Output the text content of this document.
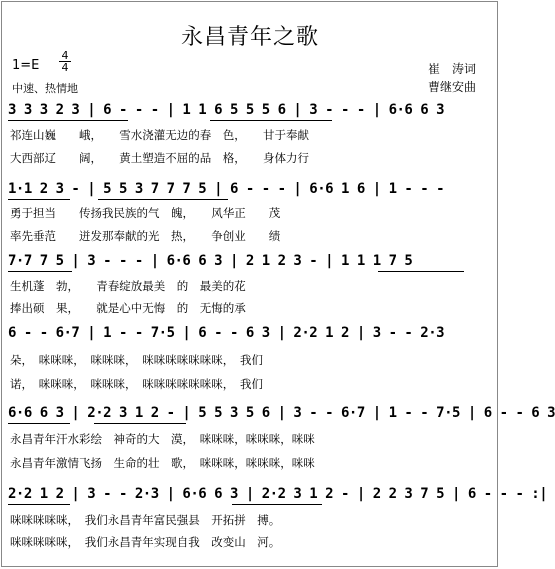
永昌青年之歌
1=E
4
4
中速、热情地
崔　涛词
曹继安曲
3 3 3 2 3 | 6 - - - | 1 1 6 5 5 5 6 | 3 - - - | 6·6 6 3
祁连山巍　　峨，　　雪水浇灌无边的春　色，　　甘于奉献
大西部辽　　阔，　　黄土塑造不屈的品　格，　　身体力行
1·1 2 3 - | 5 5 3 7 7 7 5 | 6 - - - | 6·6 1 6 | 1 - - -
勇于担当　　传扬我民族的气　魄，　　风华正　　茂
率先垂范　　迸发那奉献的光　热，　　争创业　　绩
7·7 7 5 | 3 - - - | 6·6 6 3 | 2 1 2 3 - | 1 1 1 7 5
生机蓬　勃，　　青春绽放最美　的　最美的花
捧出硕　果，　　就是心中无悔　的　无悔的承
6 - - 6·7 | 1 - - 7·5 | 6 - - 6 3 | 2·2 1 2 | 3 - - 2·3
朵，　咪咪咪，　咪咪咪，　咪咪咪咪咪咪咪，　我们
诺，　咪咪咪，　咪咪咪，　咪咪咪咪咪咪咪，　我们
6·6 6 3 | 2·2 3 1 2 - | 5 5 3 5 6 | 3 - - 6·7 | 1 - - 7·5 | 6 - - 6 3
永昌青年汗水彩绘　神奇的大　漠，　咪咪咪，咪咪咪，咪咪
永昌青年激情飞扬　生命的壮　歌，　咪咪咪，咪咪咪，咪咪
2·2 1 2 | 3 - - 2·3 | 6·6 6 3 | 2·2 3 1 2 - | 2 2 3 7 5 | 6 - - - :|
咪咪咪咪咪，　我们永昌青年富民强县　开拓拼　搏。
咪咪咪咪咪，　我们永昌青年实现自我　改变山　河。
